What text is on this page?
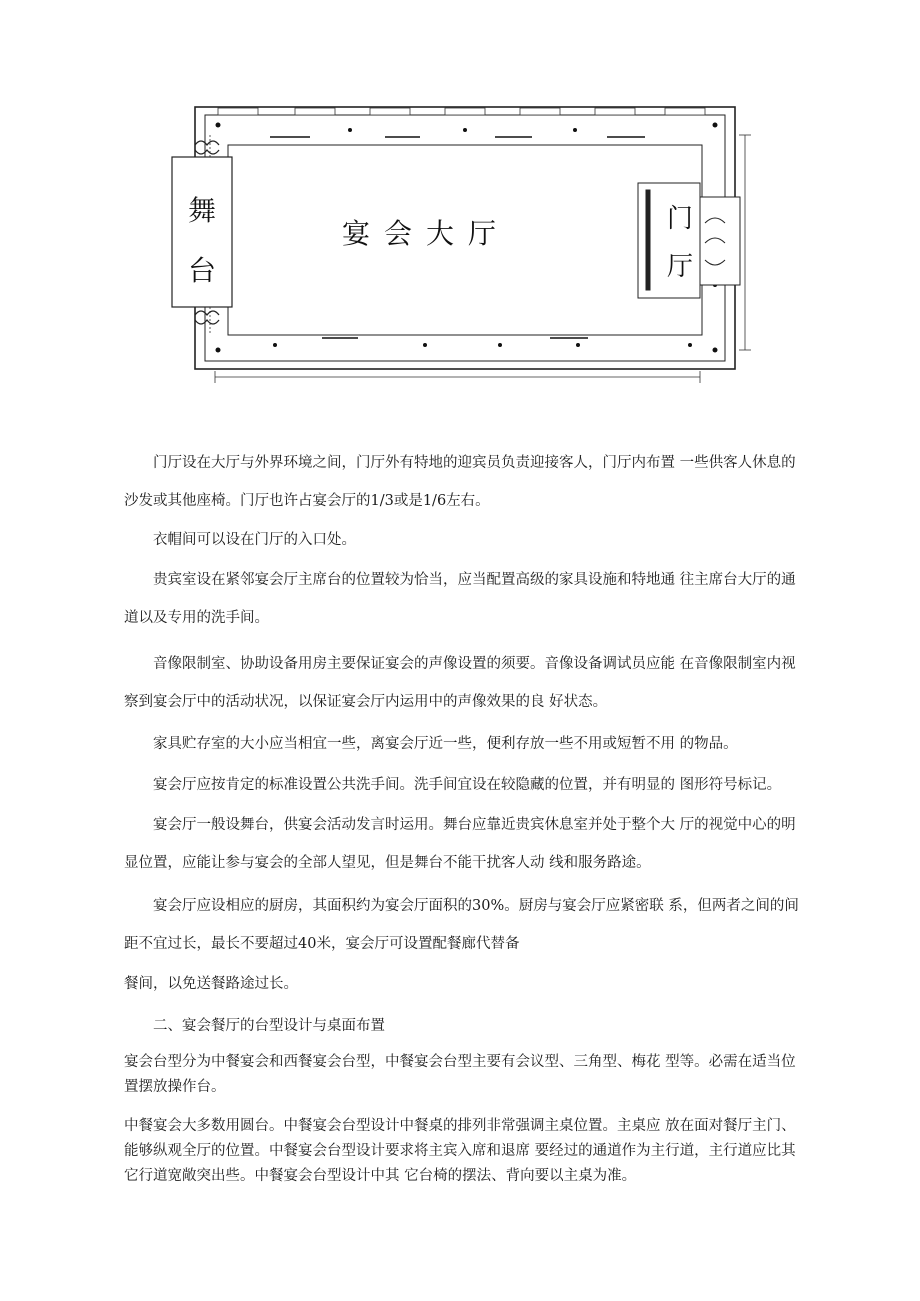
舞
台
宴会大厅	门
厅

门厅设在大厅与外界环境之间，门厅外有特地的迎宾员负责迎接客人，门厅内布置 一些供客人休息的沙发或其他座椅。门厅也许占宴会厅的1/3或是1/6左右。

衣帽间可以设在门厅的入口处。

贵宾室设在紧邻宴会厅主席台的位置较为恰当，应当配置高级的家具设施和特地通 往主席台大厅的通道以及专用的洗手间。

音像限制室、协助设备用房主要保证宴会的声像设置的须要。音像设备调试员应能 在音像限制室内视察到宴会厅中的活动状况，以保证宴会厅内运用中的声像效果的良 好状态。

家具贮存室的大小应当相宜一些，离宴会厅近一些，便利存放一些不用或短暂不用 的物品。

宴会厅应按肯定的标准设置公共洗手间。洗手间宜设在较隐藏的位置，并有明显的 图形符号标记。

宴会厅一般设舞台，供宴会活动发言时运用。舞台应靠近贵宾休息室并处于整个大 厅的视觉中心的明显位置，应能让参与宴会的全部人望见，但是舞台不能干扰客人动 线和服务路途。

宴会厅应设相应的厨房，其面积约为宴会厅面积的30%。厨房与宴会厅应紧密联 系，但两者之间的间距不宜过长，最长不要超过40米，宴会厅可设置配餐廊代替备

餐间，以免送餐路途过长。

二、宴会餐厅的台型设计与桌面布置

宴会台型分为中餐宴会和西餐宴会台型，中餐宴会台型主要有会议型、三角型、梅花 型等。必需在适当位置摆放操作台。

中餐宴会大多数用圆台。中餐宴会台型设计中餐桌的排列非常强调主桌位置。主桌应 放在面对餐厅主门、能够纵观全厅的位置。中餐宴会台型设计要求将主宾入席和退席 要经过的通道作为主行道，主行道应比其它行道宽敞突出些。中餐宴会台型设计中其 它台椅的摆法、背向要以主桌为准。
